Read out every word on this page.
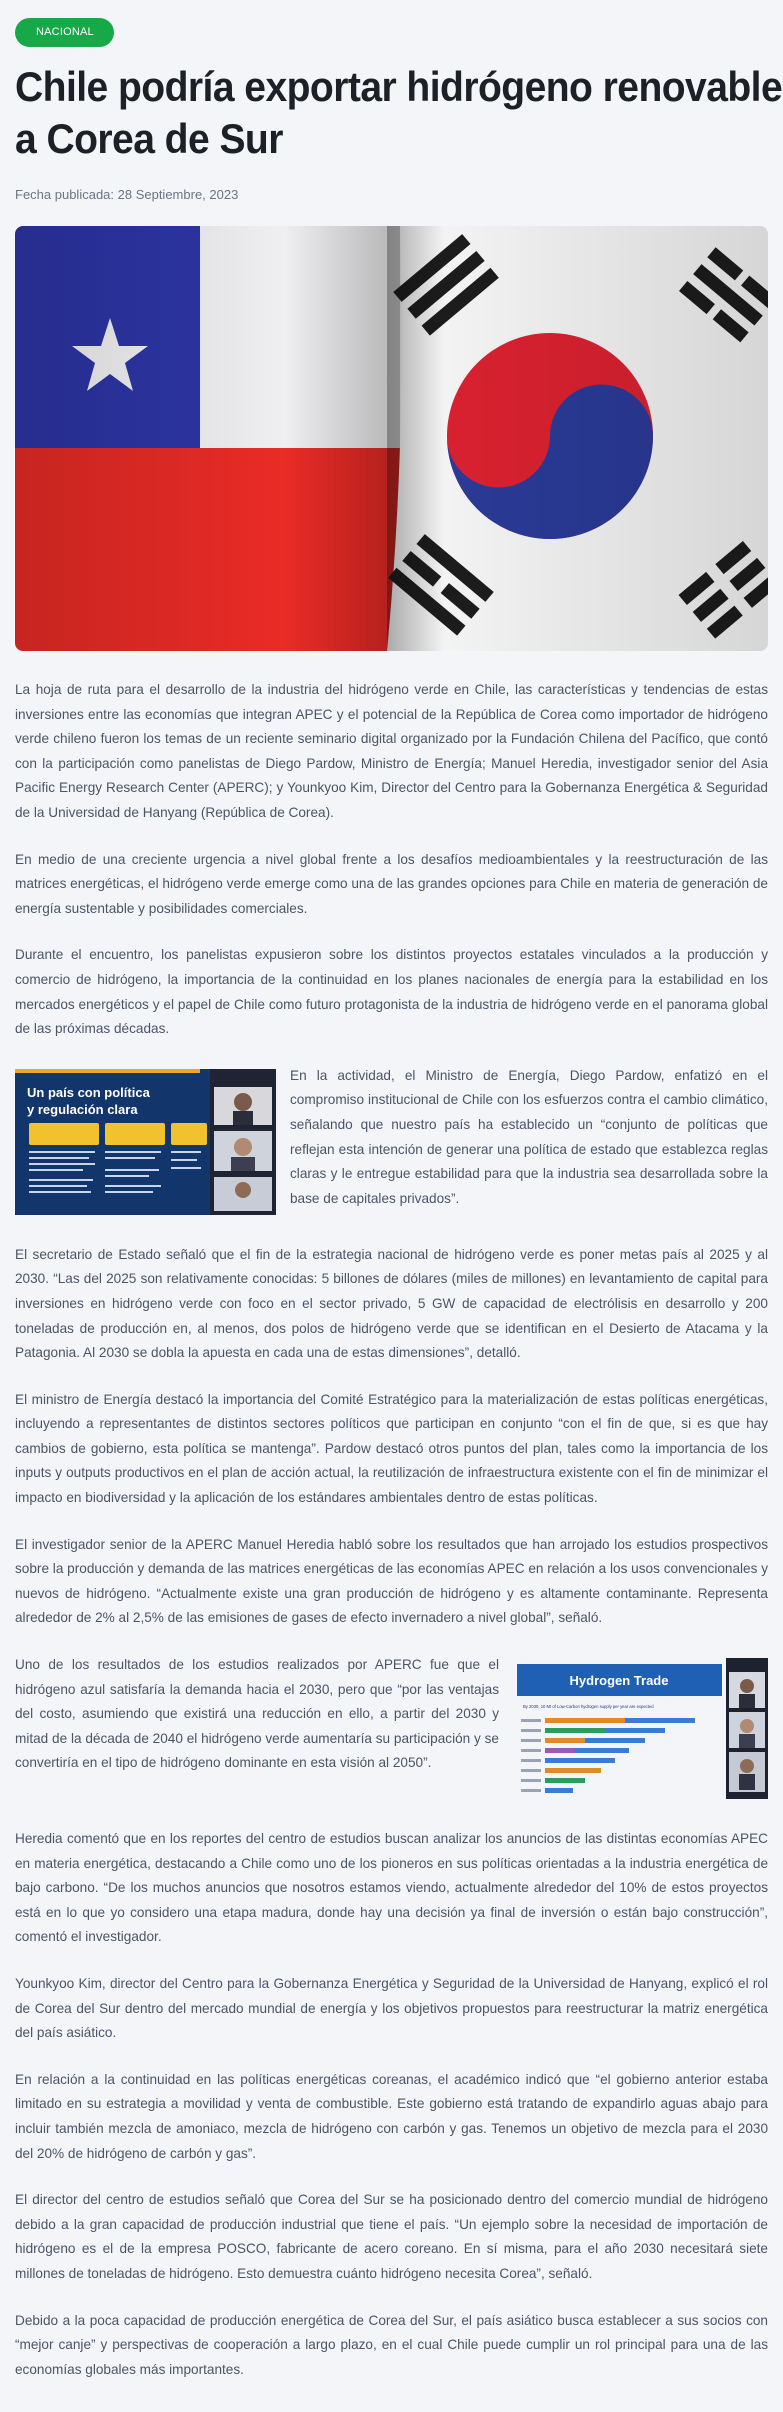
NACIONAL
Chile podría exportar hidrógeno renovable a Corea de Sur
Fecha publicada: 28 Septiembre, 2023

La hoja de ruta para el desarrollo de la industria del hidrógeno verde en Chile, las características y tendencias de estas inversiones entre las economías que integran APEC y el potencial de la República de Corea como importador de hidrógeno verde chileno fueron los temas de un reciente seminario digital organizado por la Fundación Chilena del Pacífico, que contó con la participación como panelistas de Diego Pardow, Ministro de Energía; Manuel Heredia, investigador senior del Asia Pacific Energy Research Center (APERC); y Younkyoo Kim, Director del Centro para la Gobernanza Energética & Seguridad de la Universidad de Hanyang (República de Corea).

En medio de una creciente urgencia a nivel global frente a los desafíos medioambientales y la reestructuración de las matrices energéticas, el hidrógeno verde emerge como una de las grandes opciones para Chile en materia de generación de energía sustentable y posibilidades comerciales.

Durante el encuentro, los panelistas expusieron sobre los distintos proyectos estatales vinculados a la producción y comercio de hidrógeno, la importancia de la continuidad en los planes nacionales de energía para la estabilidad en los mercados energéticos y el papel de Chile como futuro protagonista de la industria de hidrógeno verde en el panorama global de las próximas décadas.

Un país con política
y regulación clara
En la actividad, el Ministro de Energía, Diego Pardow, enfatizó en el compromiso institucional de Chile con los esfuerzos contra el cambio climático, señalando que nuestro país ha establecido un “conjunto de políticas que reflejan esta intención de generar una política de estado que establezca reglas claras y le entregue estabilidad para que la industria sea desarrollada sobre la base de capitales privados”.

El secretario de Estado señaló que el fin de la estrategia nacional de hidrógeno verde es poner metas país al 2025 y al 2030. “Las del 2025 son relativamente conocidas: 5 billones de dólares (miles de millones) en levantamiento de capital para inversiones en hidrógeno verde con foco en el sector privado, 5 GW de capacidad de electrólisis en desarrollo y 200 toneladas de producción en, al menos, dos polos de hidrógeno verde que se identifican en el Desierto de Atacama y la Patagonia. Al 2030 se dobla la apuesta en cada una de estas dimensiones”, detalló.

El ministro de Energía destacó la importancia del Comité Estratégico para la materialización de estas políticas energéticas, incluyendo a representantes de distintos sectores políticos que participan en conjunto “con el fin de que, si es que hay cambios de gobierno, esta política se mantenga”. Pardow destacó otros puntos del plan, tales como la importancia de los inputs y outputs productivos en el plan de acción actual, la reutilización de infraestructura existente con el fin de minimizar el impacto en biodiversidad y la aplicación de los estándares ambientales dentro de estas políticas.

El investigador senior de la APERC Manuel Heredia habló sobre los resultados que han arrojado los estudios prospectivos sobre la producción y demanda de las matrices energéticas de las economías APEC en relación a los usos convencionales y nuevos de hidrógeno. “Actualmente existe una gran producción de hidrógeno y es altamente contaminante. Representa alrededor de 2% al 2,5% de las emisiones de gases de efecto invernadero a nivel global”, señaló.

Hydrogen Trade
By 2030, 10 Mt of Low-Carbon hydrogen supply per year are expected
Uno de los resultados de los estudios realizados por APERC fue que el hidrógeno azul satisfaría la demanda hacia el 2030, pero que “por las ventajas del costo, asumiendo que existirá una reducción en ello, a partir del 2030 y mitad de la década de 2040 el hidrógeno verde aumentaría su participación y se convertiría en el tipo de hidrógeno dominante en esta visión al 2050”.

Heredia comentó que en los reportes del centro de estudios buscan analizar los anuncios de las distintas economías APEC en materia energética, destacando a Chile como uno de los pioneros en sus políticas orientadas a la industria energética de bajo carbono. “De los muchos anuncios que nosotros estamos viendo, actualmente alrededor del 10% de estos proyectos está en lo que yo considero una etapa madura, donde hay una decisión ya final de inversión o están bajo construcción”, comentó el investigador.

Younkyoo Kim, director del Centro para la Gobernanza Energética y Seguridad de la Universidad de Hanyang, explicó el rol de Corea del Sur dentro del mercado mundial de energía y los objetivos propuestos para reestructurar la matriz energética del país asiático.

En relación a la continuidad en las políticas energéticas coreanas, el académico indicó que “el gobierno anterior estaba limitado en su estrategia a movilidad y venta de combustible. Este gobierno está tratando de expandirlo aguas abajo para incluir también mezcla de amoniaco, mezcla de hidrógeno con carbón y gas. Tenemos un objetivo de mezcla para el 2030 del 20% de hidrógeno de carbón y gas”.

El director del centro de estudios señaló que Corea del Sur se ha posicionado dentro del comercio mundial de hidrógeno debido a la gran capacidad de producción industrial que tiene el país. “Un ejemplo sobre la necesidad de importación de hidrógeno es el de la empresa POSCO, fabricante de acero coreano. En sí misma, para el año 2030 necesitará siete millones de toneladas de hidrógeno. Esto demuestra cuánto hidrógeno necesita Corea”, señaló.

Debido a la poca capacidad de producción energética de Corea del Sur, el país asiático busca establecer a sus socios con “mejor canje” y perspectivas de cooperación a largo plazo, en el cual Chile puede cumplir un rol principal para una de las economías globales más importantes.
